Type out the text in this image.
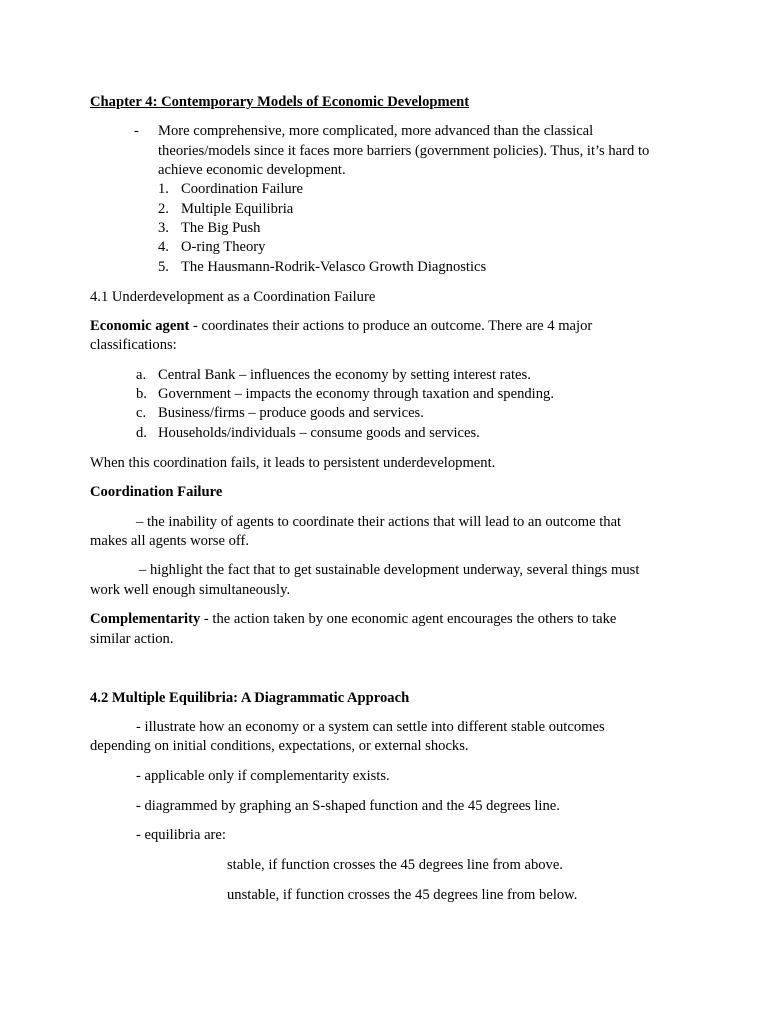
Chapter 4: Contemporary Models of Economic Development
- More comprehensive, more complicated, more advanced than the classical
theories/models since it faces more barriers (government policies). Thus, it’s hard to
achieve economic development.
1. Coordination Failure
2. Multiple Equilibria
3. The Big Push
4. O-ring Theory
5. The Hausmann-Rodrik-Velasco Growth Diagnostics
4.1 Underdevelopment as a Coordination Failure
Economic agent - coordinates their actions to produce an outcome. There are 4 major
classifications:
a. Central Bank – influences the economy by setting interest rates.
b. Government – impacts the economy through taxation and spending.
c. Business/firms – produce goods and services.
d. Households/individuals – consume goods and services.
When this coordination fails, it leads to persistent underdevelopment.
Coordination Failure
– the inability of agents to coordinate their actions that will lead to an outcome that
makes all agents worse off.
– highlight the fact that to get sustainable development underway, several things must
work well enough simultaneously.
Complementarity - the action taken by one economic agent encourages the others to take
similar action.
4.2 Multiple Equilibria: A Diagrammatic Approach
- illustrate how an economy or a system can settle into different stable outcomes
depending on initial conditions, expectations, or external shocks.
- applicable only if complementarity exists.
- diagrammed by graphing an S-shaped function and the 45 degrees line.
- equilibria are:
stable, if function crosses the 45 degrees line from above.
unstable, if function crosses the 45 degrees line from below.
